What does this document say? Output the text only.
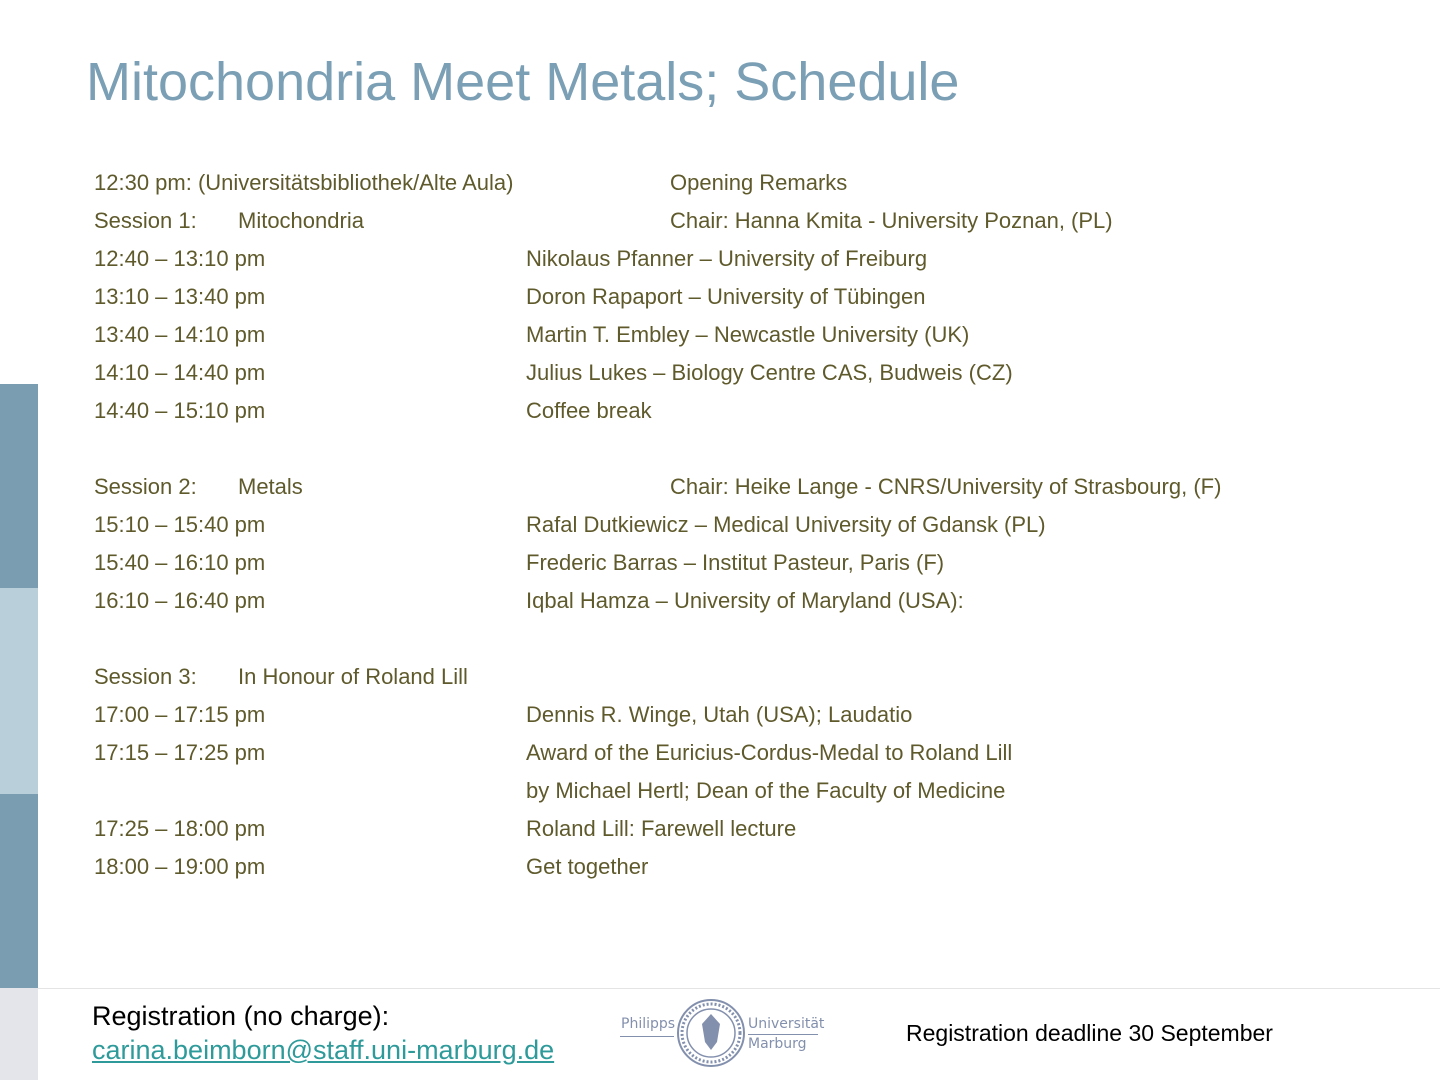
Mitochondria Meet Metals; Schedule
12:30 pm: (Universitätsbibliothek/Alte Aula)	Opening Remarks
Session 1: Mitochondria	Chair: Hanna Kmita - University Poznan, (PL)
12:40 – 13:10 pm	Nikolaus Pfanner – University of Freiburg
13:10 – 13:40 pm	Doron Rapaport – University of Tübingen
13:40 – 14:10 pm	Martin T. Embley – Newcastle University (UK)
14:10 – 14:40 pm	Julius Lukes – Biology Centre CAS, Budweis (CZ)
14:40 – 15:10 pm	Coffee break
Session 2: Metals	Chair: Heike Lange - CNRS/University of Strasbourg, (F)
15:10 – 15:40 pm	Rafal Dutkiewicz – Medical University of Gdansk (PL)
15:40 – 16:10 pm	Frederic Barras – Institut Pasteur, Paris (F)
16:10 – 16:40 pm	Iqbal Hamza – University of Maryland (USA):
Session 3: In Honour of Roland Lill
17:00 – 17:15 pm	Dennis R. Winge, Utah (USA); Laudatio
17:15 – 17:25 pm	Award of the Euricius-Cordus-Medal to Roland Lill
by Michael Hertl; Dean of the Faculty of Medicine
17:25 – 18:00 pm	Roland Lill: Farewell lecture
18:00 – 19:00 pm	Get together
Registration (no charge):
carina.beimborn@staff.uni-marburg.de
Philipps	Universität
Marburg	Registration deadline 30 September
